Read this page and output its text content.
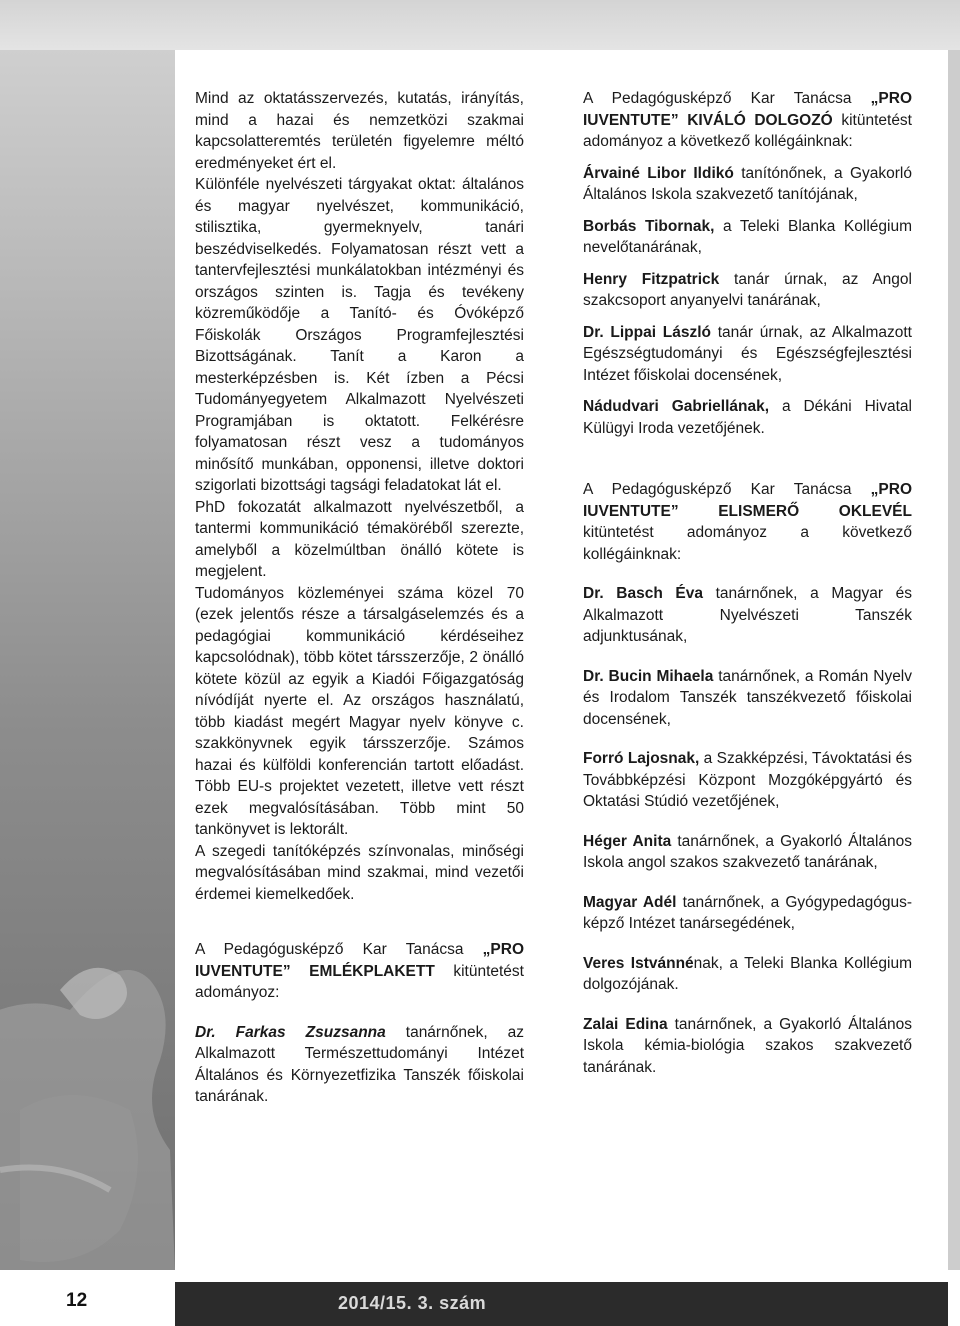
Mind az oktatásszervezés, kutatás, irányítás, mind a hazai és nemzetközi szakmai kapcsolatteremtés területén figyelemre méltó eredményeket ért el.

Különféle nyelvészeti tárgyakat oktat: általános és magyar nyelvészet, kommunikáció, stilisztika, gyermeknyelv, tanári beszédviselkedés. Folyamatosan részt vett a tantervfejlesztési munkálatokban intézményi és országos szinten is. Tagja és tevékeny közreműködője a Tanító- és Óvóképző Főiskolák Országos Programfejlesztési Bizottságának. Tanít a Karon a mesterképzésben is. Két ízben a Pécsi Tudományegyetem Alkalmazott Nyelvészeti Programjában is oktatott. Felkérésre folyamatosan részt vesz a tudományos minősítő munkában, opponensi, illetve doktori szigorlati bizottsági tagsági feladatokat lát el.

PhD fokozatát alkalmazott nyelvészetből, a tantermi kommunikáció témaköréből szerezte, amelyből a közelmúltban önálló kötete is megjelent.

Tudományos közleményei száma közel 70 (ezek jelentős része a társalgáselemzés és a pedagógiai kommunikáció kérdéseihez kapcsolódnak), több kötet társszerzője, 2 önálló kötete közül az egyik a Kiadói Főigazgatóság nívódíját nyerte el. Az országos használatú, több kiadást megért Magyar nyelv könyve c. szakkönyvnek egyik társszerzője. Számos hazai és külföldi konferencián tartott előadást. Több EU-s projektet vezetett, illetve vett részt ezek megvalósításában. Több mint 50 tankönyvet is lektorált.

A szegedi tanítóképzés színvonalas, minőségi megvalósításában mind szakmai, mind vezetői érdemei kiemelkedőek.

A Pedagógusképző Kar Tanácsa „PRO IUVENTUTE” EMLÉKPLAKETT kitüntetést adományoz:

Dr. Farkas Zsuzsanna tanárnőnek, az Alkalmazott Természettudományi Intézet Általános és Környezetfizika Tanszék főiskolai tanárának.

A Pedagógusképző Kar Tanácsa „PRO IUVENTUTE” KIVÁLÓ DOLGOZÓ kitüntetést adományoz a következő kollégáinknak:

Árvainé Libor Ildikó tanítónőnek, a Gyakorló Általános Iskola szakvezető tanítójának,

Borbás Tibornak, a Teleki Blanka Kollégium nevelőtanárának,

Henry Fitzpatrick tanár úrnak, az Angol szakcsoport anyanyelvi tanárának,

Dr. Lippai László tanár úrnak, az Alkalmazott Egészségtudományi és Egészségfejlesztési Intézet főiskolai docensének,

Nádudvari Gabriellának, a Dékáni Hivatal Külügyi Iroda vezetőjének.

A Pedagógusképző Kar Tanácsa „PRO IUVENTUTE”	ELISMERŐ OKLEVÉL kitüntetést adományoz a következő kollégáinknak:

Dr. Basch Éva tanárnőnek, a Magyar és Alkalmazott Nyelvészeti Tanszék adjunktusának,

Dr. Bucin Mihaela tanárnőnek, a Román Nyelv és Irodalom Tanszék tanszékvezető főiskolai docensének,

Forró Lajosnak, a Szakképzési, Távoktatási és Továbbképzési Központ Mozgóképgyártó és Oktatási Stúdió vezetőjének,

Héger Anita tanárnőnek, a Gyakorló Általános Iskola angol szakos szakvezető tanárának,

Magyar Adél tanárnőnek, a Gyógypedagógus-képző Intézet tanársegédének,

Veres Istvánnénak, a Teleki Blanka Kollégium dolgozójának.

Zalai Edina tanárnőnek, a Gyakorló Általános Iskola kémia-biológia szakos szakvezető tanárának.

12	2014/15. 3. szám
